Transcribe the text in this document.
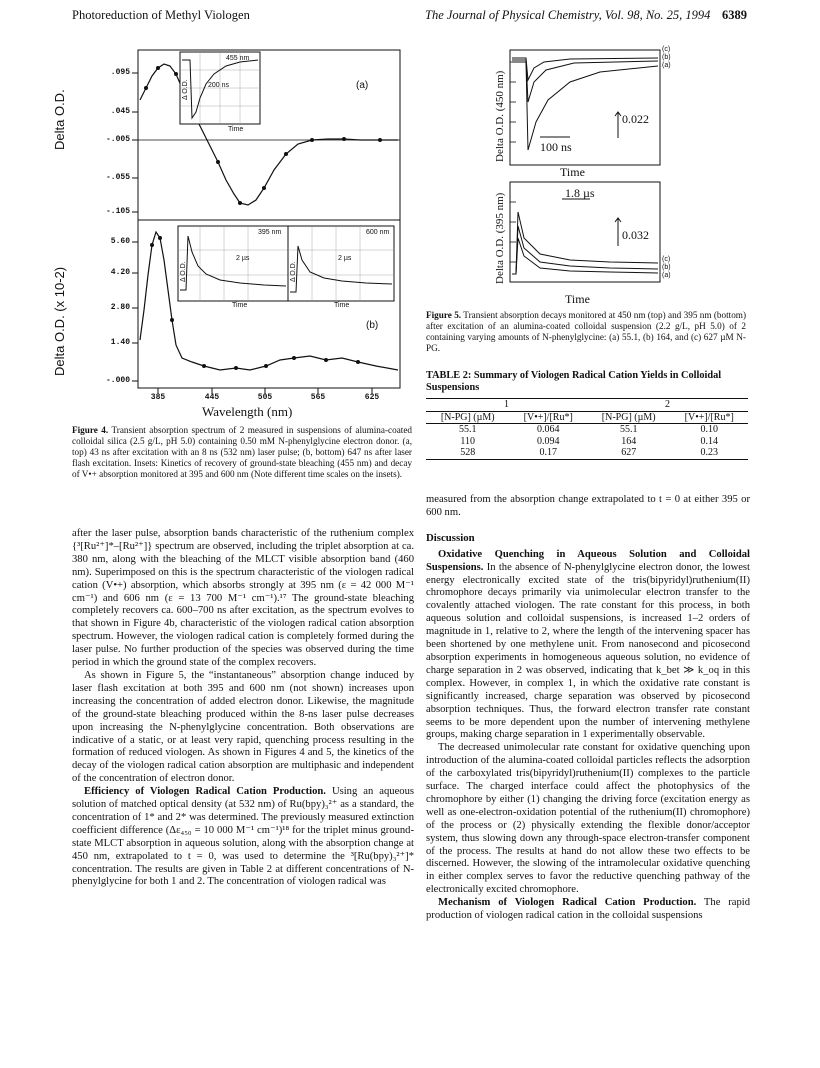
Photoreduction of Methyl Viologen	The Journal of Physical Chemistry, Vol. 98, No. 25, 1994 6389
(a)
(b)
Delta O.D.
Delta O.D. (x 10-2)
.095
.045
-.005
-.055
-.105
5.60
4.20
2.80
1.40
-.000
385	445	505	565	625
Wavelength (nm)
455 nm
200 ns
Time
Δ O.D.
395 nm
2 µs
Time
Δ O.D.
600 nm
2 µs
Time
Δ O.D.
Figure 4. Transient absorption spectrum of 2 measured in suspensions of alumina-coated colloidal silica (2.5 g/L, pH 5.0) containing 0.50 mM N-phenylglycine electron donor. (a, top) 43 ns after excitation with an 8 ns (532 nm) laser pulse; (b, bottom) 647 ns after laser flash excitation. Insets: Kinetics of recovery of ground-state bleaching (455 nm) and decay of V•+ absorption monitored at 395 and 600 nm (Note different time scales on the insets).
Delta O.D. (450 nm)
Delta O.D. (395 nm)
0.022
100 ns
Time
1.8 µs
0.032
Time
(c)
(b)
(a)
(c)
(b)
(a)
Figure 5. Transient absorption decays monitored at 450 nm (top) and 395 nm (bottom) after excitation of an alumina-coated colloidal suspension (2.2 g/L, pH 5.0) of 2 containing varying amounts of N-phenylglycine: (a) 55.1, (b) 164, and (c) 627 µM N-PG.
TABLE 2: Summary of Viologen Radical Cation Yields in Colloidal Suspensions
1		2	
[N-PG] (µM)	[V•+]/[Ru*]	[N-PG] (µM)	[V•+]/[Ru*]
55.1	0.064	55.1	0.10
110	0.094	164	0.14
528	0.17	627	0.23

after the laser pulse, absorption bands characteristic of the ruthenium complex {³[Ru²⁺]*–[Ru²⁺]} spectrum are observed, including the triplet absorption at ca. 380 nm, along with the bleaching of the MLCT visible absorption band (460 nm). Superimposed on this is the spectrum characteristic of the viologen radical cation (V•+) absorption, which absorbs strongly at 395 nm (ε = 42 000 M⁻¹ cm⁻¹) and 606 nm (ε = 13 700 M⁻¹ cm⁻¹).¹⁷ The ground-state bleaching completely recovers ca. 600–700 ns after excitation, as the spectrum evolves to that shown in Figure 4b, characteristic of the viologen radical cation absorption spectrum. However, the viologen radical cation is completely formed during the laser pulse. No further production of the species was observed during the time period in which the ground state of the complex recovers.

As shown in Figure 5, the “instantaneous” absorption change induced by laser flash excitation at both 395 and 600 nm (not shown) increases upon increasing the concentration of added electron donor. Likewise, the magnitude of the ground-state bleaching produced within the 8-ns laser pulse decreases upon increasing the N-phenylglycine concentration. Both observations are indicative of a static, or at least very rapid, quenching process resulting in the formation of reduced viologen. As shown in Figures 4 and 5, the kinetics of the decay of the viologen radical cation absorption are multiphasic and independent of the concentration of electron donor.

Efficiency of Viologen Radical Cation Production. Using an aqueous solution of matched optical density (at 532 nm) of Ru(bpy)₃²⁺ as a standard, the concentration of 1* and 2* was determined. The previously measured extinction coefficient difference (Δε₄₅₀ = 10 000 M⁻¹ cm⁻¹)¹⁸ for the triplet minus ground-state MLCT absorption in aqueous solution, along with the absorption change at 450 nm, extrapolated to t = 0, was used to determine the ³[Ru(bpy)₃²⁺]* concentration. The results are given in Table 2 at different concentrations of N-phenylglycine for both 1 and 2. The concentration of viologen radical was

measured from the absorption change extrapolated to t = 0 at either 395 or 600 nm.

Discussion

Oxidative Quenching in Aqueous Solution and Colloidal Suspensions. In the absence of N-phenylglycine electron donor, the lowest energy electronically excited state of the tris(bipyridyl)ruthenium(II) chromophore decays primarily via unimolecular electron transfer to the covalently attached viologen. The rate constant for this process, in both aqueous solution and colloidal suspensions, is increased 1–2 orders of magnitude in 1, relative to 2, where the length of the intervening spacer has been shortened by one methylene unit. From nanosecond and picosecond absorption experiments in homogeneous aqueous solution, no evidence of charge separation in 2 was observed, indicating that k_bet ≫ k_oq in this complex. However, in complex 1, in which the oxidative rate constant is significantly increased, charge separation was observed by picosecond absorption techniques. Thus, the forward electron transfer rate constant seems to be more dependent upon the number of intervening methylene groups, making charge separation in 1 experimentally observable.

The decreased unimolecular rate constant for oxidative quenching upon introduction of the alumina-coated colloidal particles reflects the adsorption of the carboxylated tris(bipyridyl)ruthenium(II) complexes to the particle surface. The charged interface could affect the photophysics of the chromophore by either (1) changing the driving force (excitation energy as well as one-electron-oxidation potential of the ruthenium(II) chromophore) of the process or (2) physically extending the flexible donor/acceptor system, thus slowing down any through-space electron-transfer component of the process. The results at hand do not allow these two effects to be discerned. However, the slowing of the intramolecular oxidative quenching in either complex serves to favor the reductive quenching pathway of the electronically excited chromophore.

Mechanism of Viologen Radical Cation Production. The rapid production of viologen radical cation in the colloidal suspensions
